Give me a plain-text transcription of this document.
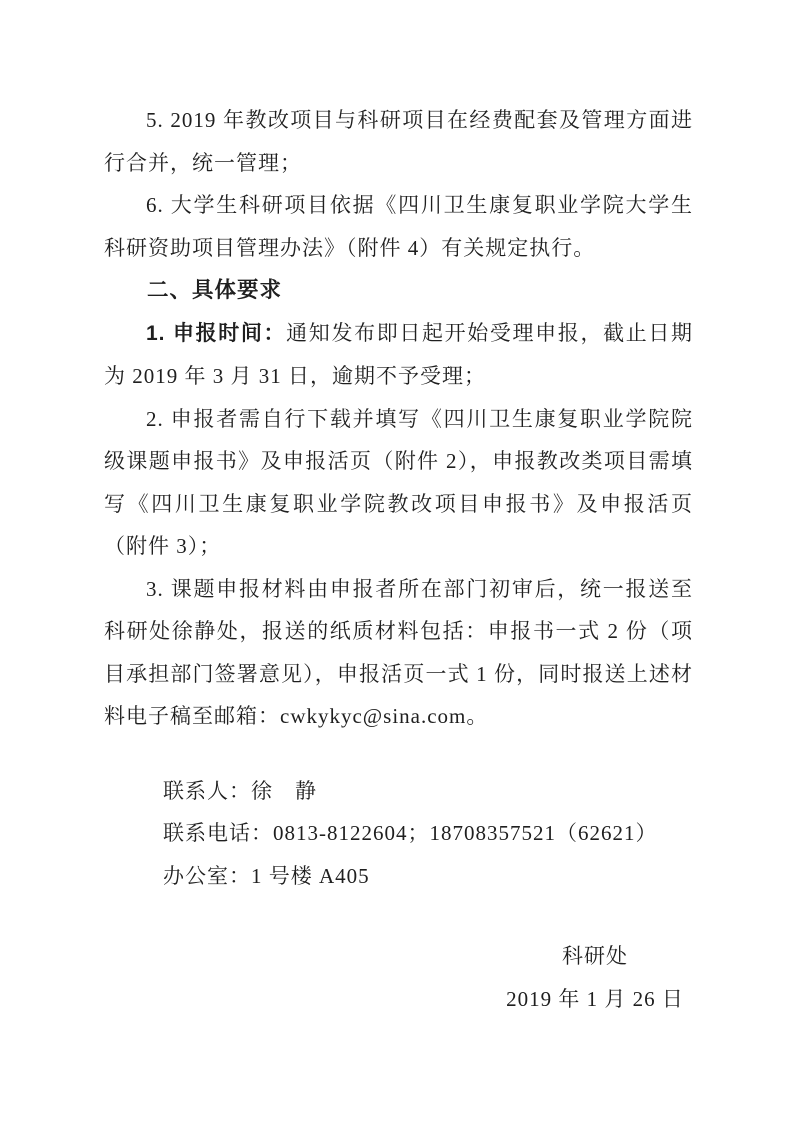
5. 2019 年教改项目与科研项目在经费配套及管理方面进行合并，统一管理；

6. 大学生科研项目依据《四川卫生康复职业学院大学生科研资助项目管理办法》（附件 4）有关规定执行。

二、具体要求

1. 申报时间：通知发布即日起开始受理申报，截止日期为 2019 年 3 月 31 日，逾期不予受理；

2. 申报者需自行下载并填写《四川卫生康复职业学院院级课题申报书》及申报活页（附件 2），申报教改类项目需填写《四川卫生康复职业学院教改项目申报书》及申报活页（附件 3）；

3. 课题申报材料由申报者所在部门初审后，统一报送至科研处徐静处，报送的纸质材料包括：申报书一式 2 份（项目承担部门签署意见），申报活页一式 1 份，同时报送上述材料电子稿至邮箱：cwkykyc@sina.com。

联系人：徐　静

联系电话：0813-8122604；18708357521（62621）

办公室：1 号楼 A405

科研处

2019 年 1 月 26 日
